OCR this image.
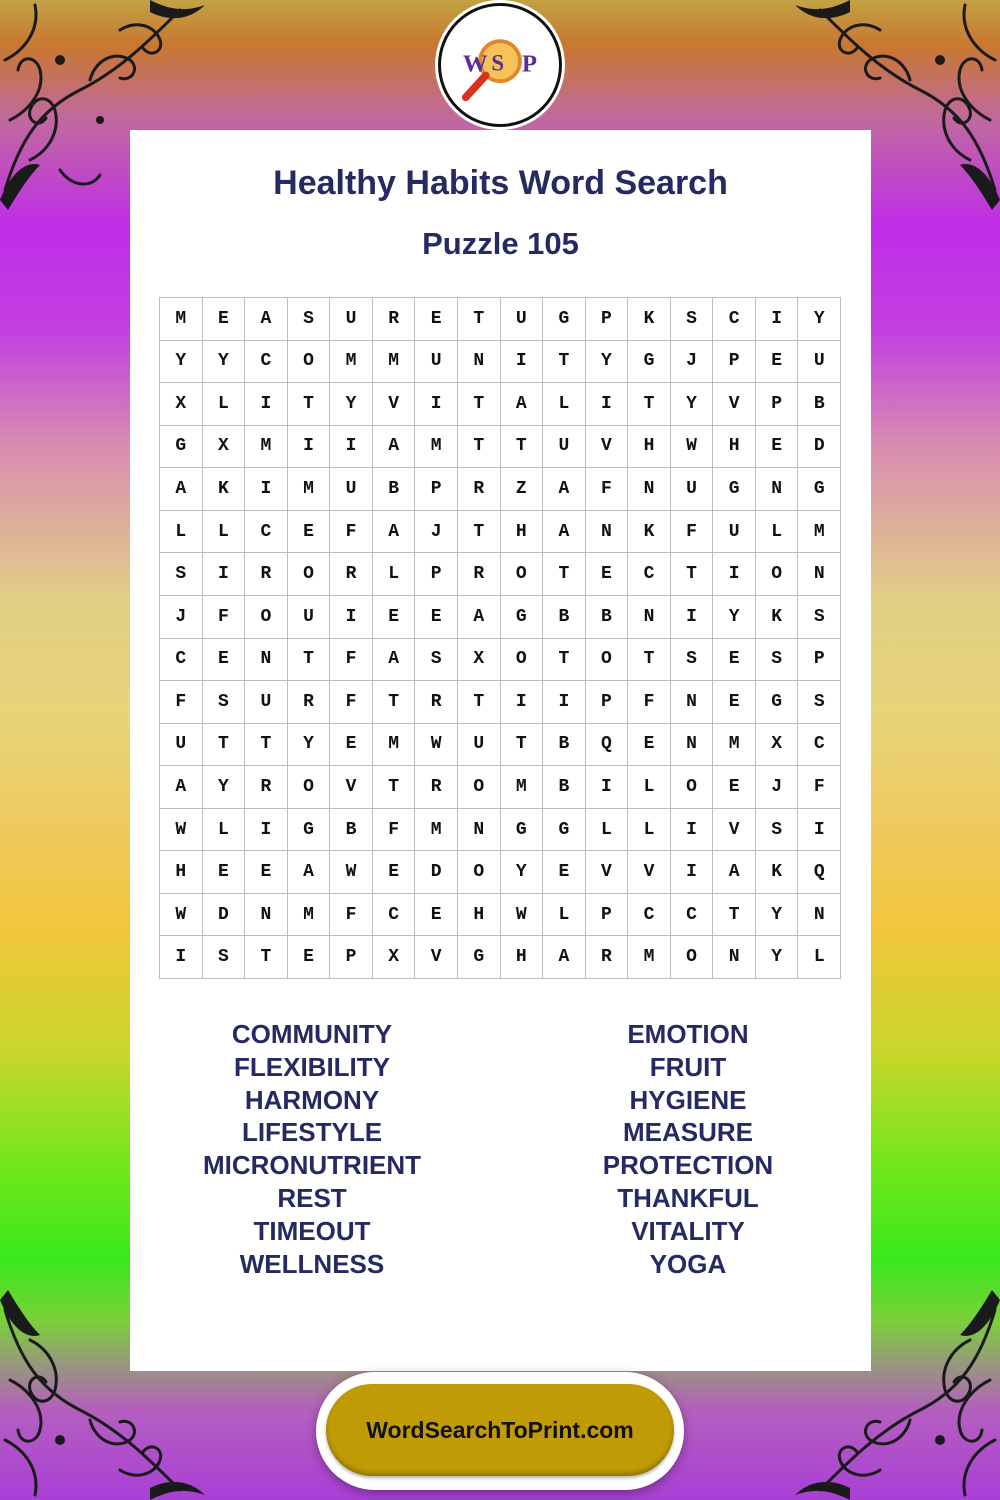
W S P
Healthy Habits Word Search
Puzzle 105
M	E	A	S	U	R	E	T	U	G	P	K	S	C	I	Y
Y	Y	C	O	M	M	U	N	I	T	Y	G	J	P	E	U
X	L	I	T	Y	V	I	T	A	L	I	T	Y	V	P	B
G	X	M	I	I	A	M	T	T	U	V	H	W	H	E	D
A	K	I	M	U	B	P	R	Z	A	F	N	U	G	N	G
L	L	C	E	F	A	J	T	H	A	N	K	F	U	L	M
S	I	R	O	R	L	P	R	O	T	E	C	T	I	O	N
J	F	O	U	I	E	E	A	G	B	B	N	I	Y	K	S
C	E	N	T	F	A	S	X	O	T	O	T	S	E	S	P
F	S	U	R	F	T	R	T	I	I	P	F	N	E	G	S
U	T	T	Y	E	M	W	U	T	B	Q	E	N	M	X	C
A	Y	R	O	V	T	R	O	M	B	I	L	O	E	J	F
W	L	I	G	B	F	M	N	G	G	L	L	I	V	S	I
H	E	E	A	W	E	D	O	Y	E	V	V	I	A	K	Q
W	D	N	M	F	C	E	H	W	L	P	C	C	T	Y	N
I	S	T	E	P	X	V	G	H	A	R	M	O	N	Y	L
COMMUNITY
FLEXIBILITY
HARMONY
LIFESTYLE
MICRONUTRIENT
REST
TIMEOUT
WELLNESS
EMOTION
FRUIT
HYGIENE
MEASURE
PROTECTION
THANKFUL
VITALITY
YOGA
WordSearchToPrint.com
